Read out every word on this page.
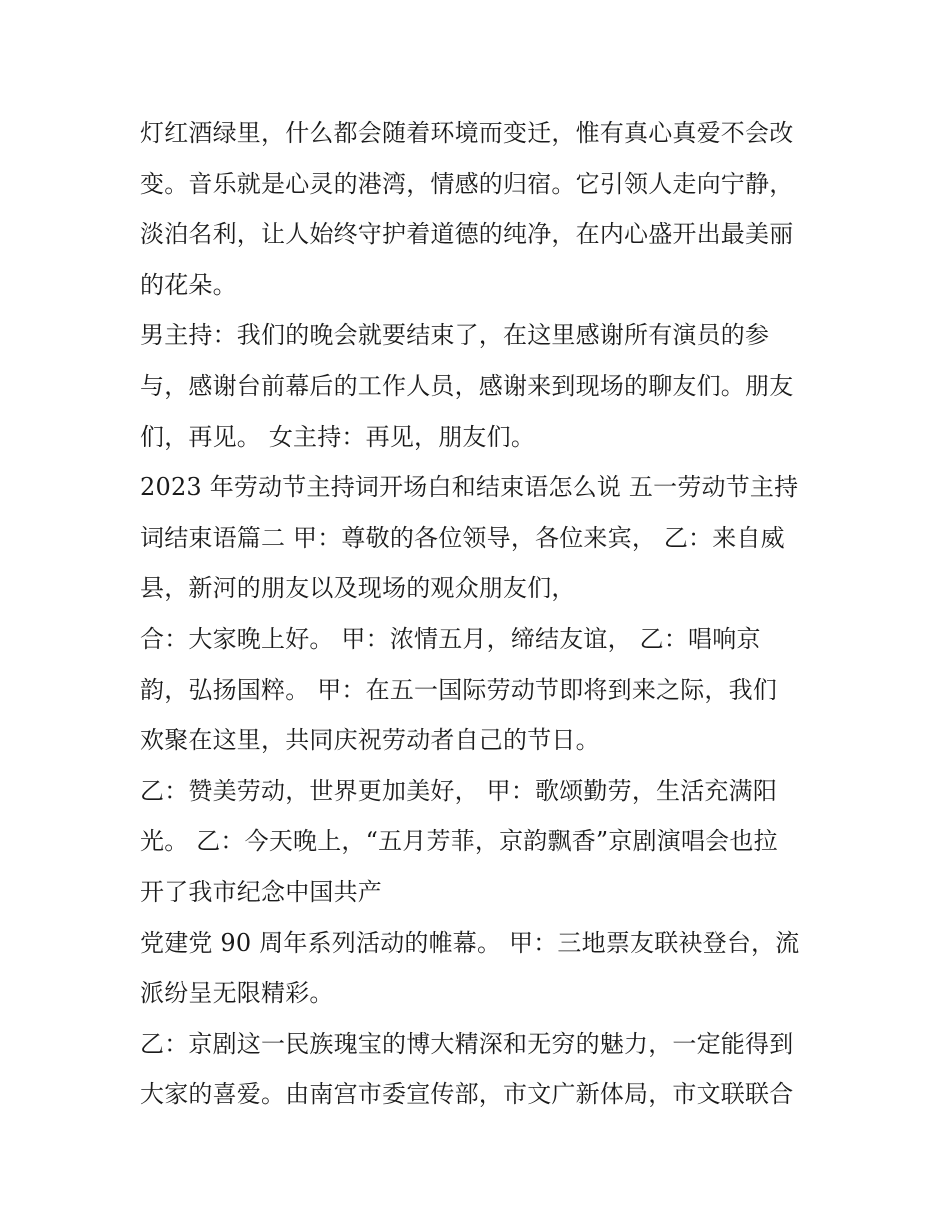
灯红酒绿里，什么都会随着环境而变迁，惟有真心真爱不会改
变。音乐就是心灵的港湾，情感的归宿。它引领人走向宁静，
淡泊名利，让人始终守护着道德的纯净，在内心盛开出最美丽
的花朵。
男主持：我们的晚会就要结束了，在这里感谢所有演员的参
与，感谢台前幕后的工作人员，感谢来到现场的聊友们。朋友
们，再见。 女主持：再见，朋友们。
2023 年劳动节主持词开场白和结束语怎么说 五一劳动节主持
词结束语篇二 甲：尊敬的各位领导，各位来宾， 乙：来自威
县，新河的朋友以及现场的观众朋友们，
合：大家晚上好。 甲：浓情五月，缔结友谊， 乙：唱响京
韵，弘扬国粹。 甲：在五一国际劳动节即将到来之际，我们
欢聚在这里，共同庆祝劳动者自己的节日。
乙：赞美劳动，世界更加美好， 甲：歌颂勤劳，生活充满阳
光。 乙：今天晚上，“五月芳菲，京韵飘香”京剧演唱会也拉
开了我市纪念中国共产
党建党 90 周年系列活动的帷幕。 甲：三地票友联袂登台，流
派纷呈无限精彩。
乙：京剧这一民族瑰宝的博大精深和无穷的魅力，一定能得到
大家的喜爱。由南宫市委宣传部，市文广新体局，市文联联合
